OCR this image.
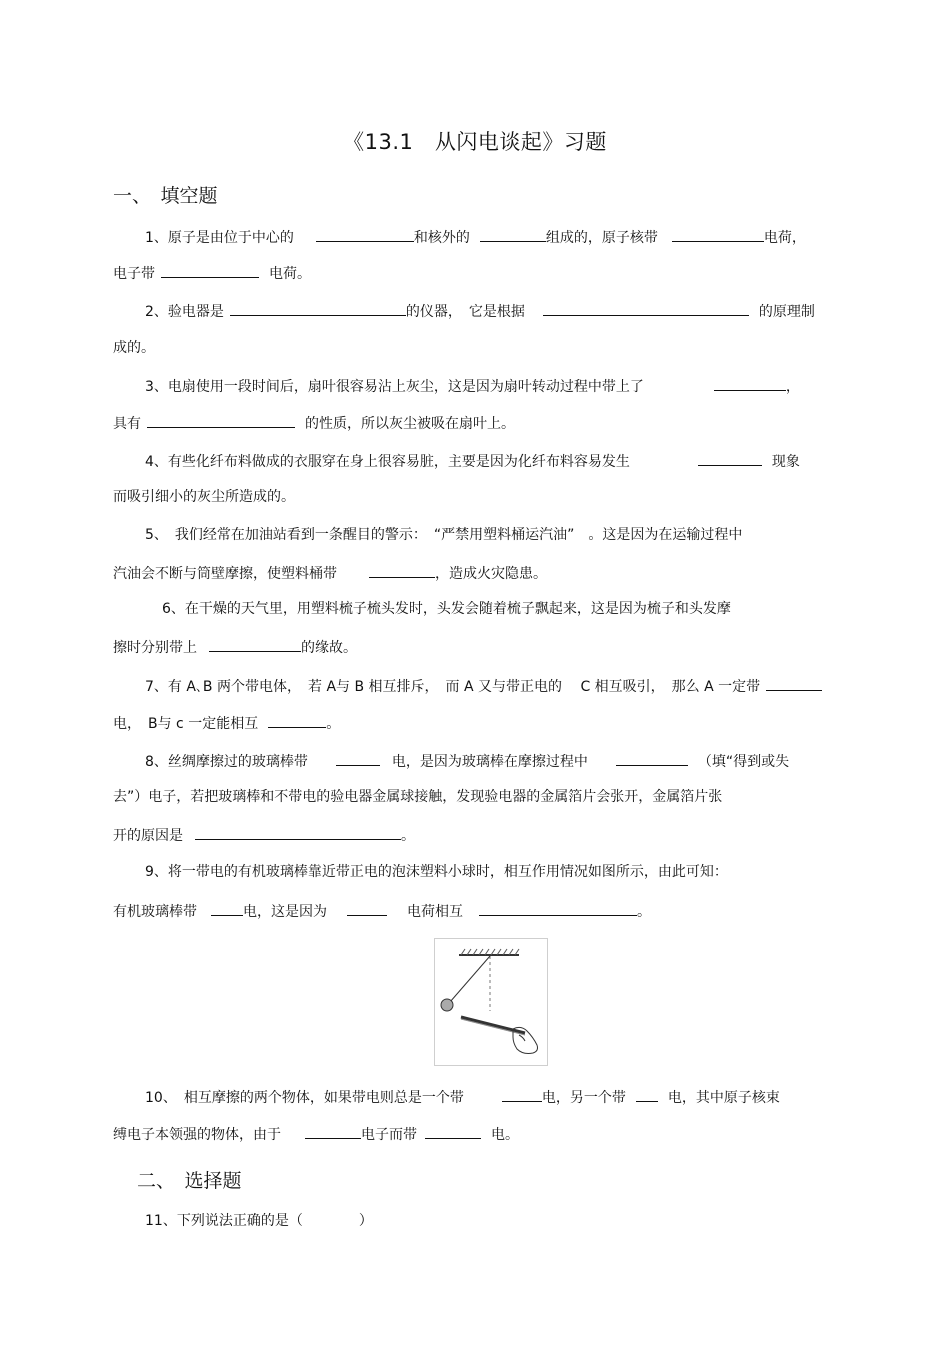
《13.1　从闪电谈起》习题
一、　填空题
1、原子是由位于中心的	和核外的	组成的，原子核带	电荷，
电子带	电荷。
2、验电器是	的仪器，　它是根据	的原理制
成的。
3、电扇使用一段时间后，扇叶很容易沾上灰尘，这是因为扇叶转动过程中带上了	，
具有	的性质，所以灰尘被吸在扇叶上。
4、有些化纤布料做成的衣服穿在身上很容易脏，主要是因为化纤布料容易发生	现象
而吸引细小的灰尘所造成的。
5、　我们经常在加油站看到一条醒目的警示：　“严禁用塑料桶运汽油”　。这是因为在运输过程中
汽油会不断与筒壁摩擦，使塑料桶带	，造成火灾隐患。
6、在干燥的天气里，用塑料梳子梳头发时，头发会随着梳子飘起来，这是因为梳子和头发摩
擦时分别带上	的缘故。
7、有 A､B 两个带电体，　若 A与 B 相互排斥，　而 A 又与带正电的　 C 相互吸引，　那么 A 一定带
电，　B与 c 一定能相互	。
8、丝绸摩擦过的玻璃棒带	电，是因为玻璃棒在摩擦过程中	（填“得到或失
去”）电子，若把玻璃棒和不带电的验电器金属球接触，发现验电器的金属箔片会张开，金属箔片张
开的原因是	。
9、将一带电的有机玻璃棒靠近带正电的泡沫塑料小球时，相互作用情况如图所示，由此可知：
有机玻璃棒带	电，这是因为	电荷相互	。
10、　相互摩擦的两个物体，如果带电则总是一个带	电，另一个带	电，其中原子核束
缚电子本领强的物体，由于	电子而带	电。
二、　选择题
11、下列说法正确的是（　　　　）
